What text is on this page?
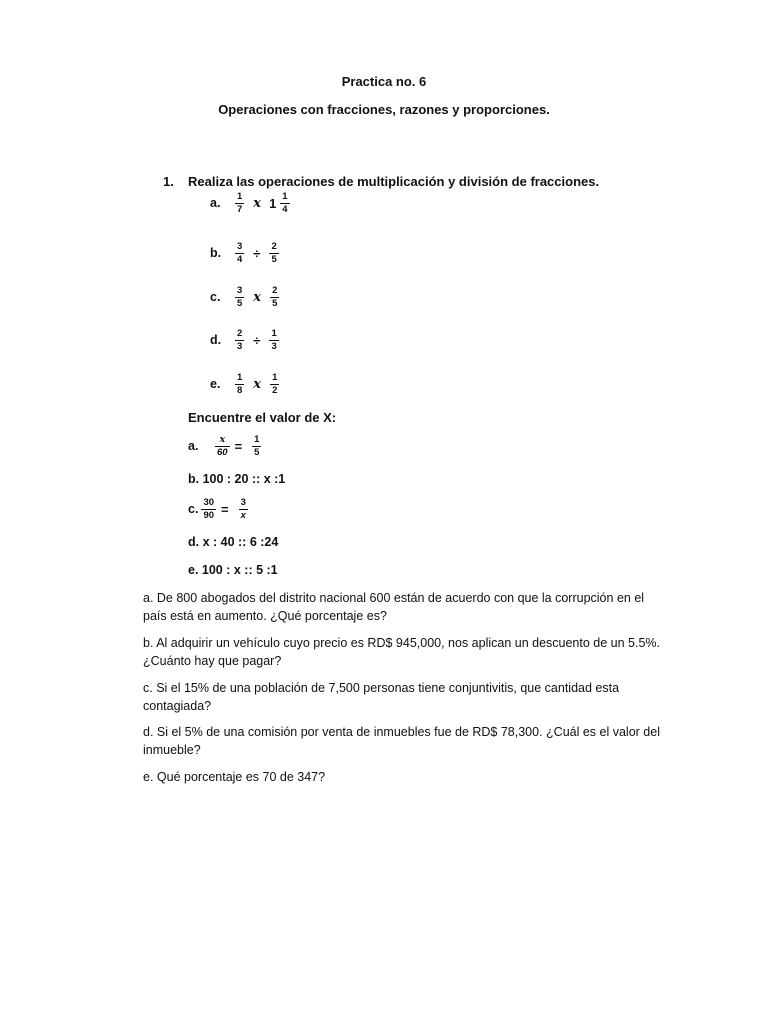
Practica no. 6
Operaciones con fracciones, razones y proporciones.
1. Realiza las operaciones de multiplicación y división de fracciones.
a.	$\frac{1}{7}$ x $1 \frac{1}{4}$
b.	$\frac{3}{4} \div \frac{2}{5}$
c.	$\frac{3}{5}$ x $\frac{2}{5}$
d.	$\frac{2}{3} \div \frac{1}{3}$
e.	$\frac{1}{8}$ x $\frac{1}{2}$
Encuentre el valor de X:
a.	$\frac{x}{60} = \frac{1}{5}$
b. 100 : 20 :: x :1
c. $\frac{30}{90} = \frac{3}{x}$
d. x : 40 :: 6 :24
e. 100 : x :: 5 :1
a. De 800 abogados del distrito nacional 600 están de acuerdo con que la corrupción en el país está en aumento. ¿Qué porcentaje es?
b. Al adquirir un vehículo cuyo precio es RD$ 945,000, nos aplican un descuento de un 5.5%. ¿Cuánto hay que pagar?
c. Si el 15% de una población de 7,500 personas tiene conjuntivitis, que cantidad esta contagiada?
d. Si el 5% de una comisión por venta de inmuebles fue de RD$ 78,300. ¿Cuál es el valor del inmueble?
e. Qué porcentaje es 70 de 347?
